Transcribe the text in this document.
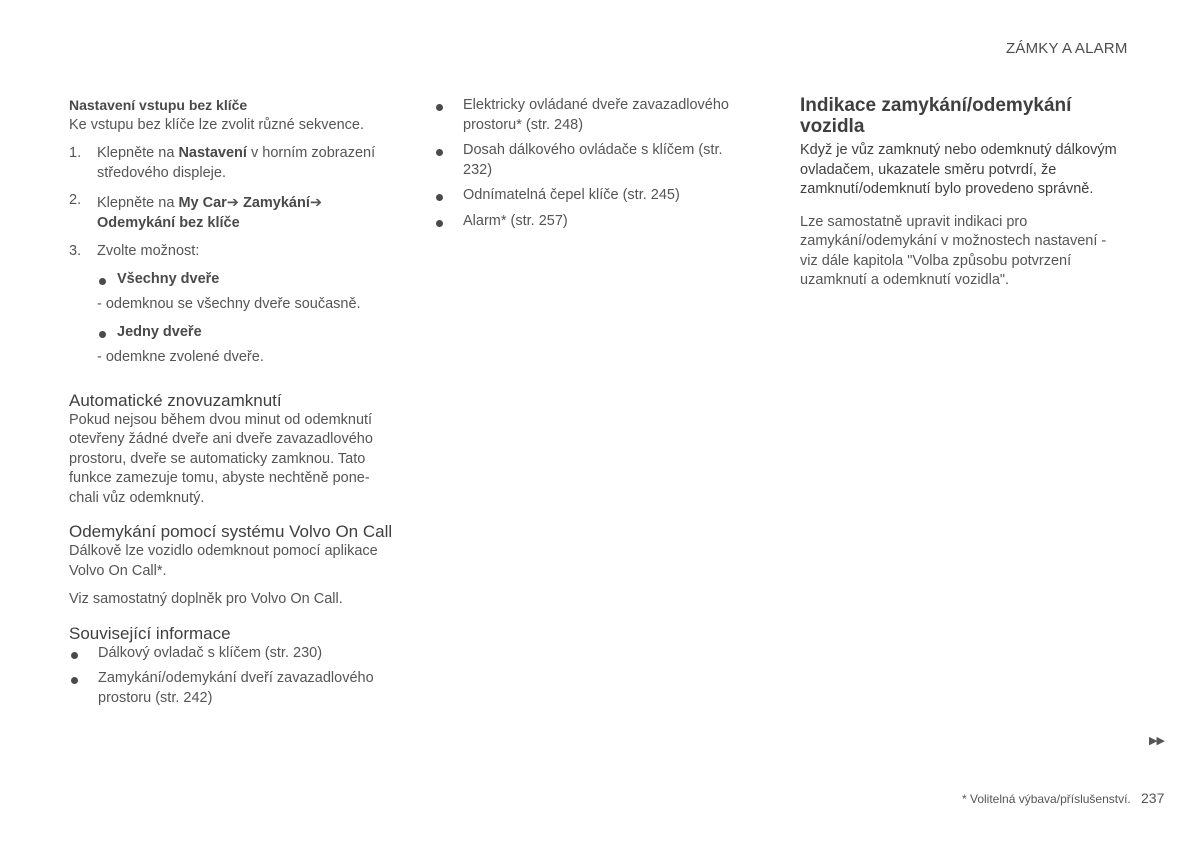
ZÁMKY A ALARM
Nastavení vstupu bez klíče

Ke vstupu bez klíče lze zvolit různé sekvence.

1. Klepněte na Nastavení v horním zobrazení středového displeje.
2. Klepněte na My Car➔ Zamykání➔
Odemykání bez klíče
3. Zvolte možnost:
Všechny dveře

- odemknou se všechny dveře současně.

Jedny dveře

- odemkne zvolené dveře.

Automatické znovuzamknutí

Pokud nejsou během dvou minut od odemknutí otevřeny žádné dveře ani dveře zavazadlového prostoru, dveře se automaticky zamknou. Tato funkce zamezuje tomu, abyste nechtěně pone-chali vůz odemknutý.

Odemykání pomocí systému Volvo On Call

Dálkově lze vozidlo odemknout pomocí aplikace Volvo On Call*.

Viz samostatný doplněk pro Volvo On Call.

Související informace
Dálkový ovladač s klíčem (str. 230)
Zamykání/odemykání dveří zavazadlového prostoru (str. 242)
Elektricky ovládané dveře zavazadlového prostoru* (str. 248)
Dosah dálkového ovládače s klíčem (str. 232)
Odnímatelná čepel klíče (str. 245)
Alarm* (str. 257)
Indikace zamykání/odemykání vozidla

Když je vůz zamknutý nebo odemknutý dálkovým ovladačem, ukazatele směru potvrdí, že zamknutí/odemknutí bylo provedeno správně.

Lze samostatně upravit indikaci pro zamykání/odemykání v možnostech nastavení - viz dále kapitola "Volba způsobu potvrzení uzamknutí a odemknutí vozidla".

▶▶
* Volitelná výbava/příslušenství. 237
